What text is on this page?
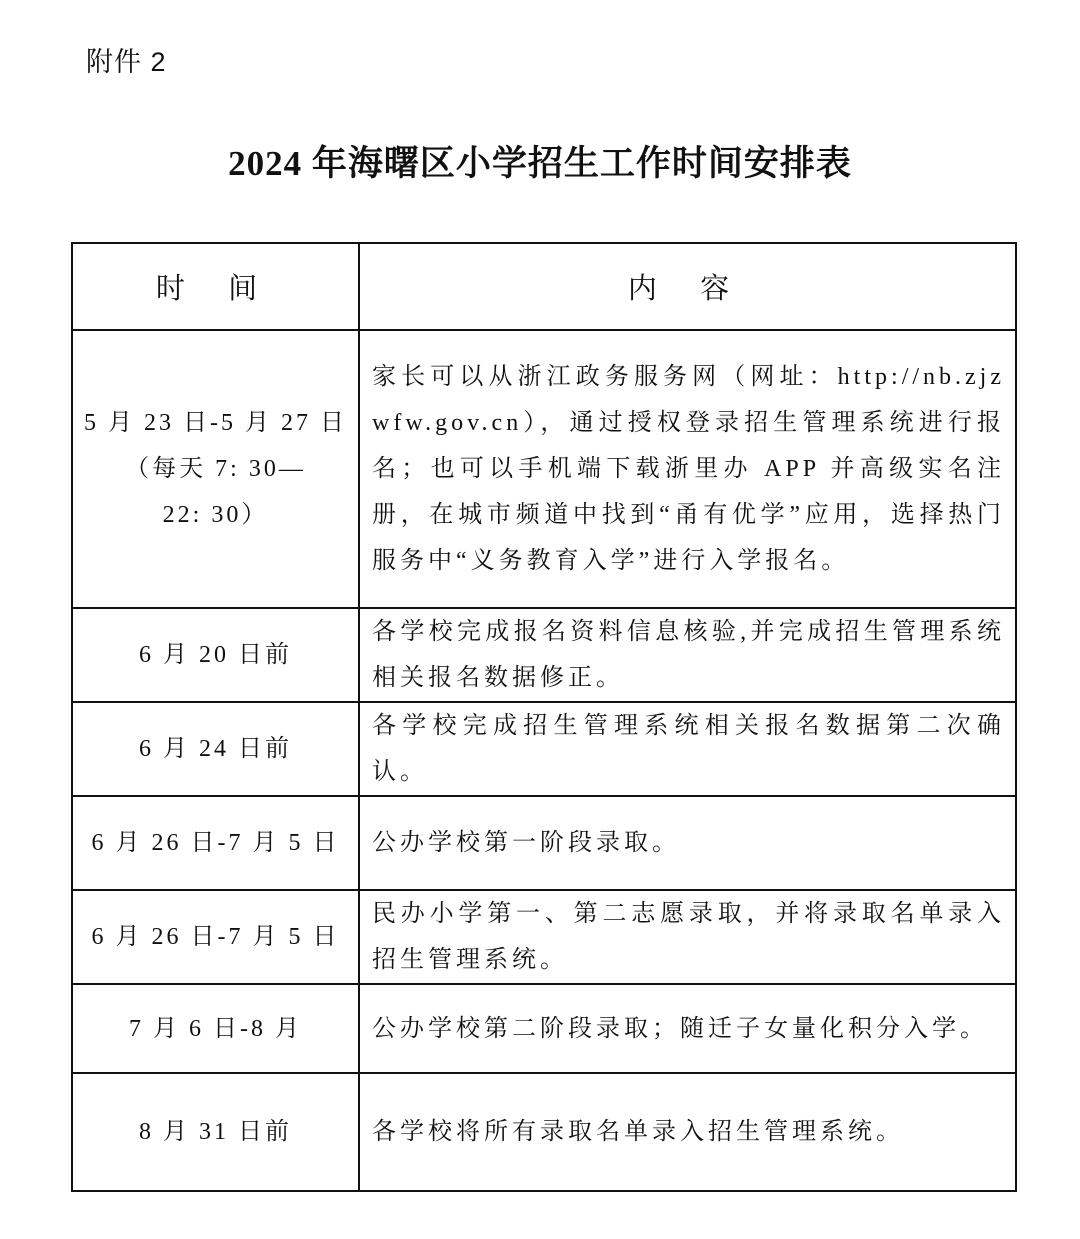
附件 2
2024 年海曙区小学招生工作时间安排表
时 间	内 容

5 月 23 日-5 月 27 日
（每天 7: 30—
22: 30）	家长可以从浙江政务服务网（网址：http://nb.zjzwfw.gov.cn），通过授权登录招生管理系统进行报名；也可以手机端下载浙里办 APP 并高级实名注册，在城市频道中找到“甬有优学”应用，选择热门服务中“义务教育入学”进行入学报名。

6 月 20 日前	各学校完成报名资料信息核验,并完成招生管理系统相关报名数据修正。

6 月 24 日前	各学校完成招生管理系统相关报名数据第二次确认。

6 月 26 日-7 月 5 日	公办学校第一阶段录取。

6 月 26 日-7 月 5 日	民办小学第一、第二志愿录取，并将录取名单录入招生管理系统。

7 月 6 日-8 月	公办学校第二阶段录取；随迁子女量化积分入学。

8 月 31 日前	各学校将所有录取名单录入招生管理系统。
